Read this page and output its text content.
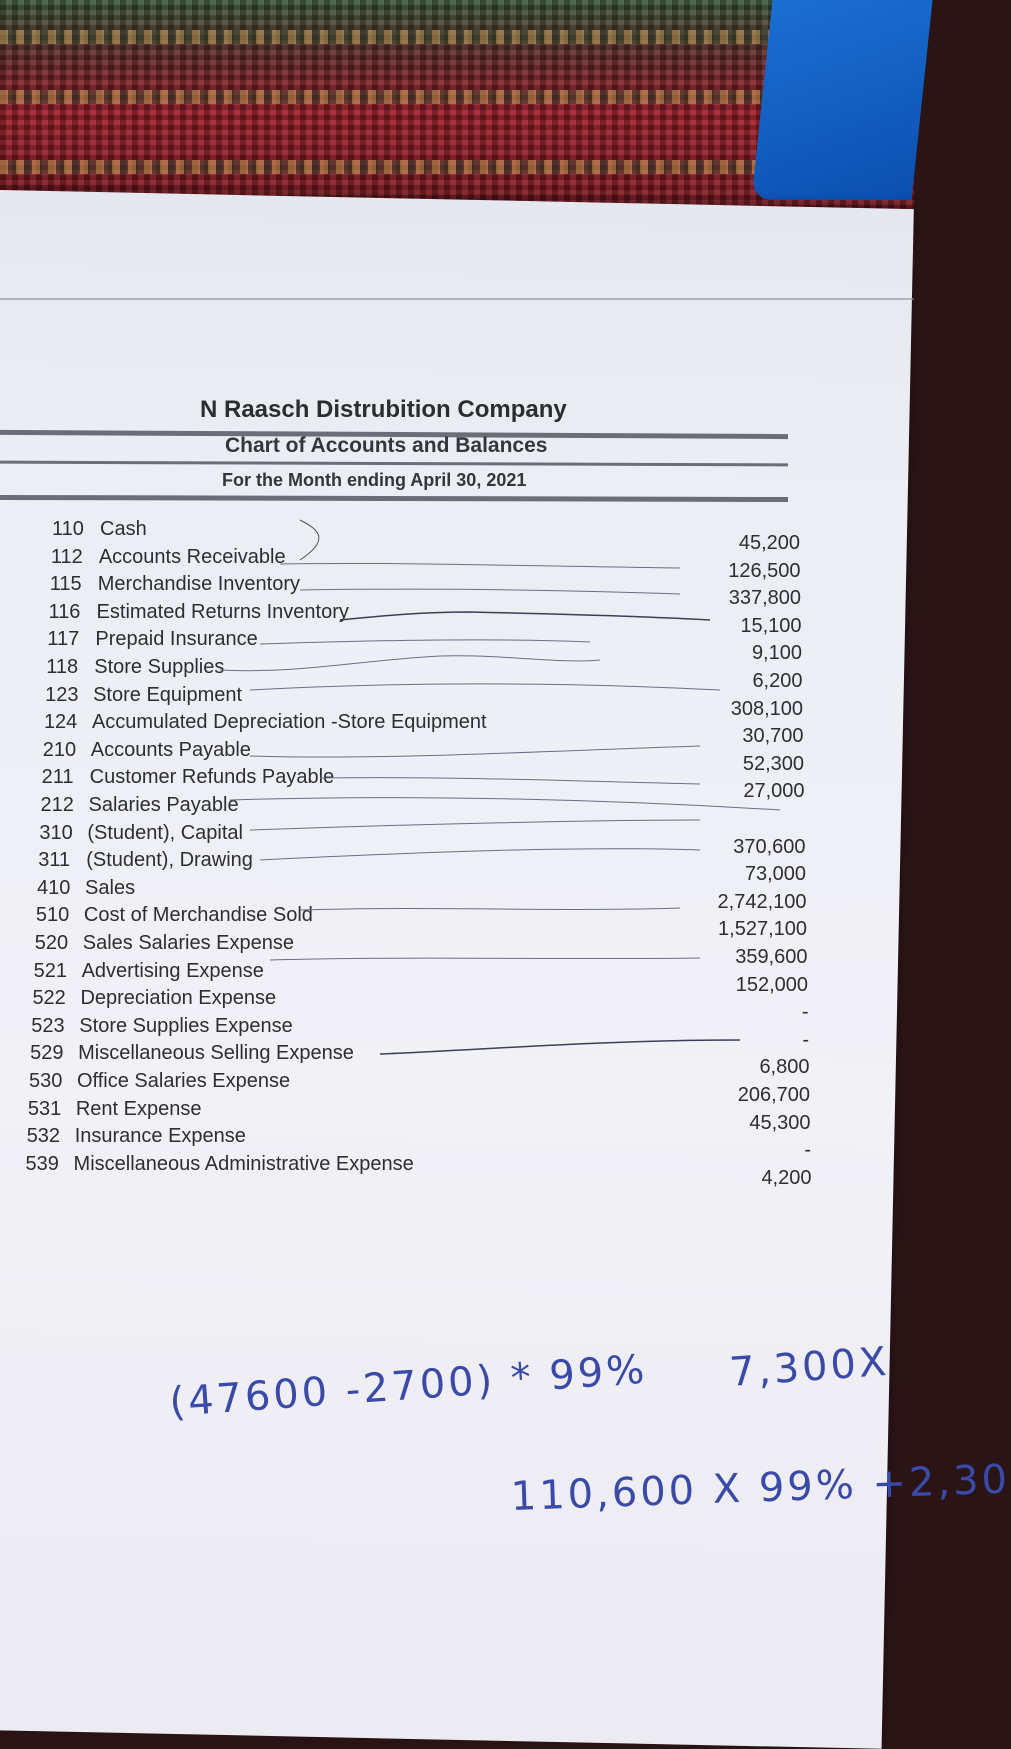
N Raasch Distrubition Company
Chart of Accounts and Balances
For the Month ending April 30, 2021
110 Cash
45,200
112 Accounts Receivable
126,500
115 Merchandise Inventory
337,800
116 Estimated Returns Inventory
15,100
117 Prepaid Insurance
9,100
118 Store Supplies
6,200
123 Store Equipment
308,100
124 Accumulated Depreciation -Store Equipment
30,700
210 Accounts Payable
52,300
211 Customer Refunds Payable
27,000
212 Salaries Payable
310 (Student), Capital
370,600
311 (Student), Drawing
73,000
410 Sales
2,742,100
510 Cost of Merchandise Sold
1,527,100
520 Sales Salaries Expense
359,600
521 Advertising Expense
152,000
522 Depreciation Expense
-
523 Store Supplies Expense
-
529 Miscellaneous Selling Expense
6,800
530 Office Salaries Expense
206,700
531 Rent Expense
45,300
532 Insurance Expense
-
539 Miscellaneous Administrative Expense
4,200
(47600 -2700) * 99% 7,300X
110,600 X 99% +2,30
